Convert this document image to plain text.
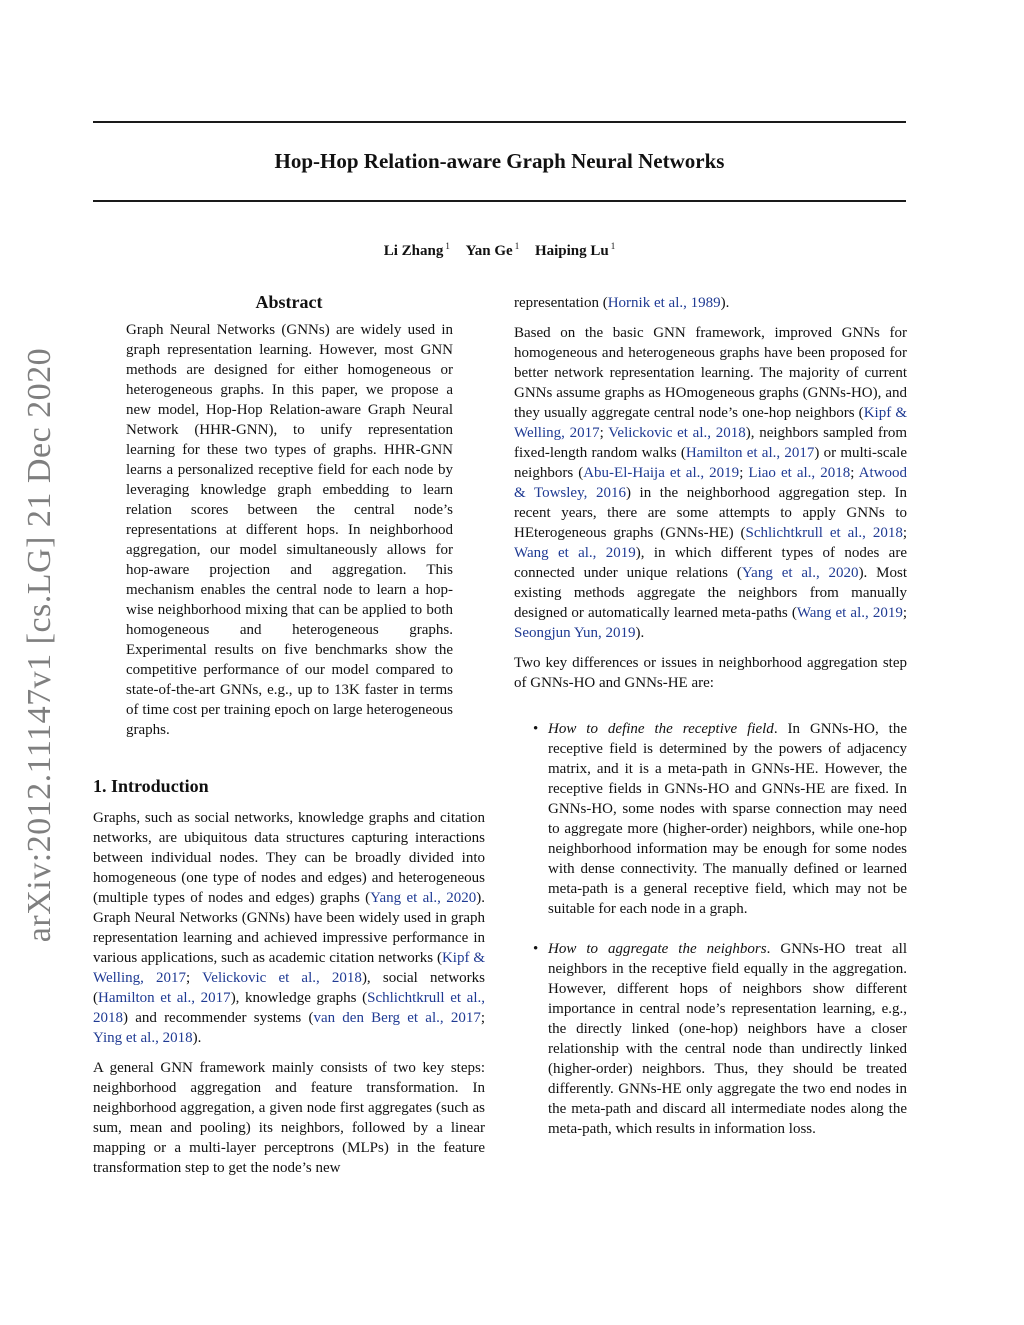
Hop-Hop Relation-aware Graph Neural Networks
Li Zhang $^1$ Yan Ge $^1$ Haiping Lu $^1$
arXiv:2012.11147v1 [cs.LG] 21 Dec 2020
Abstract

Graph Neural Networks (GNNs) are widely used in graph representation learning. However, most GNN methods are designed for either homogeneous or heterogeneous graphs. In this paper, we propose a new model, Hop-Hop Relation-aware Graph Neural Network (HHR-GNN), to unify representation learning for these two types of graphs. HHR-GNN learns a personalized receptive field for each node by leveraging knowledge graph embedding to learn relation scores between the central node’s representations at different hops. In neighborhood aggregation, our model simultaneously allows for hop-aware projection and aggregation. This mechanism enables the central node to learn a hop-wise neighborhood mixing that can be applied to both homogeneous and heterogeneous graphs. Experimental results on five benchmarks show the competitive performance of our model compared to state-of-the-art GNNs, e.g., up to 13K faster in terms of time cost per training epoch on large heterogeneous graphs.

1. Introduction

Graphs, such as social networks, knowledge graphs and citation networks, are ubiquitous data structures capturing interactions between individual nodes. They can be broadly divided into homogeneous (one type of nodes and edges) and heterogeneous (multiple types of nodes and edges) graphs (Yang et al., 2020). Graph Neural Networks (GNNs) have been widely used in graph representation learning and achieved impressive performance in various applications, such as academic citation networks (Kipf & Welling, 2017; Velickovic et al., 2018), social networks (Hamilton et al., 2017), knowledge graphs (Schlichtkrull et al., 2018) and recommender systems (van den Berg et al., 2017; Ying et al., 2018).

A general GNN framework mainly consists of two key steps: neighborhood aggregation and feature transformation. In neighborhood aggregation, a given node first aggregates (such as sum, mean and pooling) its neighbors, followed by a linear mapping or a multi-layer perceptrons (MLPs) in the feature transformation step to get the node’s new

representation (Hornik et al., 1989).

Based on the basic GNN framework, improved GNNs for homogeneous and heterogeneous graphs have been proposed for better network representation learning. The majority of current GNNs assume graphs as HOmogeneous graphs (GNNs-HO), and they usually aggregate central node’s one-hop neighbors (Kipf & Welling, 2017; Velickovic et al., 2018), neighbors sampled from fixed-length random walks (Hamilton et al., 2017) or multi-scale neighbors (Abu-El-Haija et al., 2019; Liao et al., 2018; Atwood & Towsley, 2016) in the neighborhood aggregation step. In recent years, there are some attempts to apply GNNs to HEterogeneous graphs (GNNs-HE) (Schlichtkrull et al., 2018; Wang et al., 2019), in which different types of nodes are connected under unique relations (Yang et al., 2020). Most existing methods aggregate the neighbors from manually designed or automatically learned meta-paths (Wang et al., 2019; Seongjun Yun, 2019).

Two key differences or issues in neighborhood aggregation step of GNNs-HO and GNNs-HE are:

• How to define the receptive field. In GNNs-HO, the receptive field is determined by the powers of adjacency matrix, and it is a meta-path in GNNs-HE. However, the receptive fields in GNNs-HO and GNNs-HE are fixed. In GNNs-HO, some nodes with sparse connection may need to aggregate more (higher-order) neighbors, while one-hop neighborhood information may be enough for some nodes with dense connectivity. The manually defined or learned meta-path is a general receptive field, which may not be suitable for each node in a graph.
• How to aggregate the neighbors. GNNs-HO treat all neighbors in the receptive field equally in the aggregation. However, different hops of neighbors show different importance in central node’s representation learning, e.g., the directly linked (one-hop) neighbors have a closer relationship with the central node than undirectly linked (higher-order) neighbors. Thus, they should be treated differently. GNNs-HE only aggregate the two end nodes in the meta-path and discard all intermediate nodes along the meta-path, which results in information loss.
